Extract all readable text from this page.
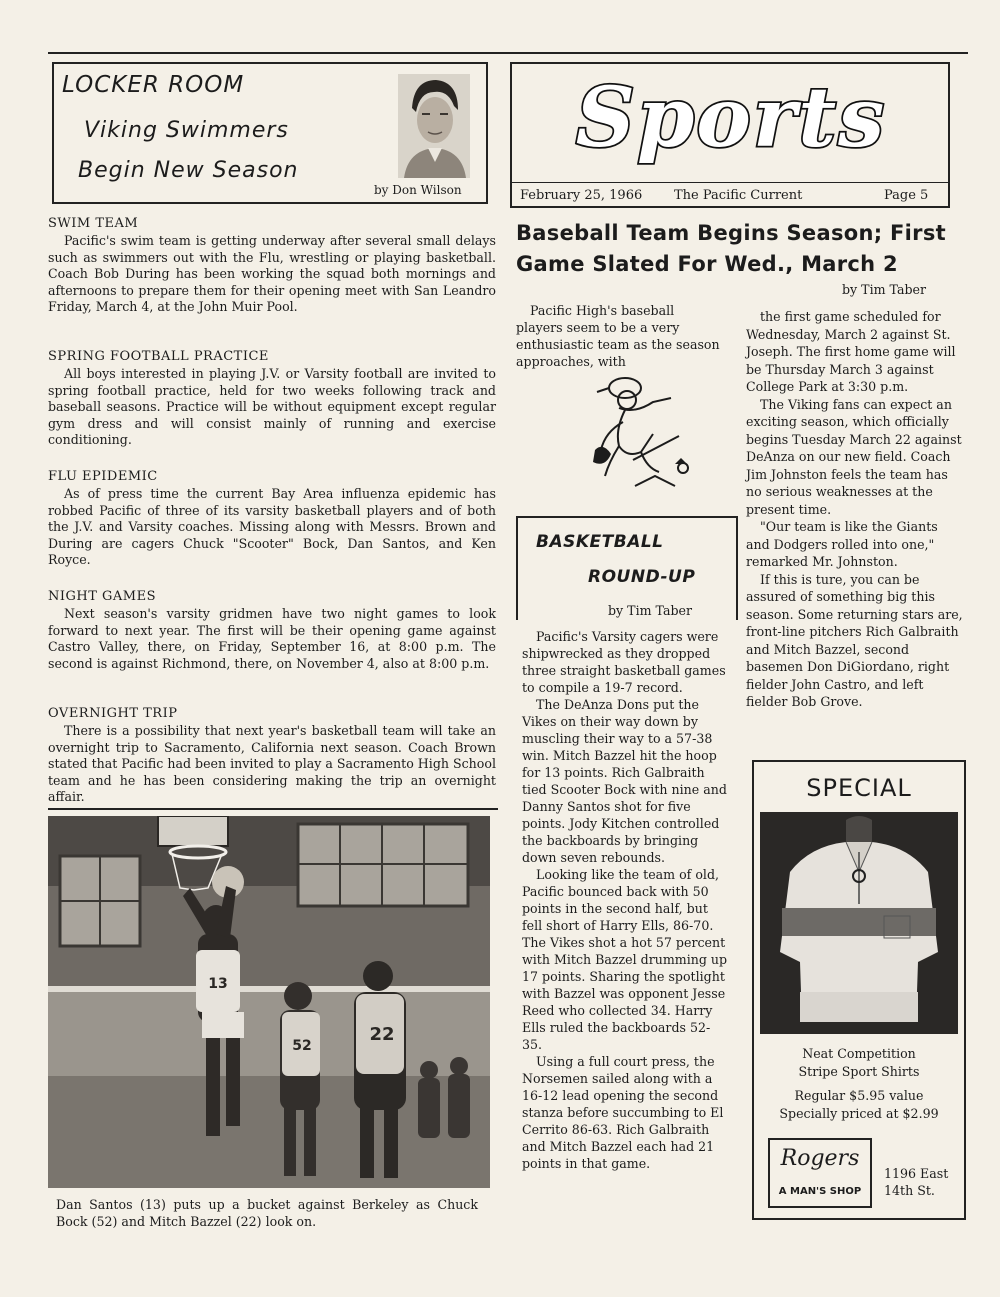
LOCKER ROOM
Viking Swimmers
Begin New Season
by Don Wilson
Sports
February 25, 1966 The Pacific Current	Page 5
SWIM TEAM

Pacific's swim team is getting underway after several small delays such as swimmers out with the Flu, wrestling or playing basketball. Coach Bob During has been working the squad both mornings and afternoons to prepare them for their opening meet with San Leandro Friday, March 4, at the John Muir Pool.

SPRING FOOTBALL PRACTICE

All boys interested in playing J.V. or Varsity football are invited to spring football practice, held for two weeks following track and baseball seasons. Practice will be without equipment except regular gym dress and will consist mainly of running and exercise conditioning.

FLU EPIDEMIC

As of press time the current Bay Area influenza epidemic has robbed Pacific of three of its varsity basketball players and of both the J.V. and Varsity coaches. Missing along with Messrs. Brown and During are cagers Chuck "Scooter" Bock, Dan Santos, and Ken Royce.

NIGHT GAMES

Next season's varsity gridmen have two night games to look forward to next year. The first will be their opening game against Castro Valley, there, on Friday, September 16, at 8:00 p.m. The second is against Richmond, there, on November 4, also at 8:00 p.m.

OVERNIGHT TRIP

There is a possibility that next year's basketball team will take an overnight trip to Sacramento, California next season. Coach Brown stated that Pacific had been invited to play a Sacramento High School team and he has been considering making the trip an overnight affair.

22
13
52
Dan Santos (13) puts up a bucket against Berkeley as Chuck Bock (52) and Mitch Bazzel (22) look on.
Baseball Team Begins Season; First
Game Slated For Wed., March 2
by Tim Taber

Pacific High's baseball players seem to be a very enthusiastic team as the season approaches, with

the first game scheduled for Wednesday, March 2 against St. Joseph. The first home game will be Thursday March 3 against College Park at 3:30 p.m.

The Viking fans can expect an exciting season, which officially begins Tuesday March 22 against DeAnza on our new field. Coach Jim Johnston feels the team has no serious weaknesses at the present time.

"Our team is like the Giants and Dodgers rolled into one," remarked Mr. Johnston.

If this is ture, you can be assured of something big this season. Some returning stars are, front-line pitchers Rich Galbraith and Mitch Bazzel, second basemen Don DiGiordano, right fielder John Castro, and left fielder Bob Grove.

BASKETBALL
ROUND-UP
by Tim Taber

Pacific's Varsity cagers were shipwrecked as they dropped three straight basketball games to compile a 19-7 record.

The DeAnza Dons put the Vikes on their way down by muscling their way to a 57-38 win. Mitch Bazzel hit the hoop for 13 points. Rich Galbraith tied Scooter Bock with nine and Danny Santos shot for five points. Jody Kitchen controlled the backboards by bringing down seven rebounds.

Looking like the team of old, Pacific bounced back with 50 points in the second half, but fell short of Harry Ells, 86-70. The Vikes shot a hot 57 percent with Mitch Bazzel drumming up 17 points. Sharing the spotlight with Bazzel was opponent Jesse Reed who collected 34. Harry Ells ruled the backboards 52-35.

Using a full court press, the Norsemen sailed along with a 16-12 lead opening the second stanza before succumbing to El Cerrito 86-63. Rich Galbraith and Mitch Bazzel each had 21 points in that game.

SPECIAL
Neat Competition
Stripe Sport Shirts
Regular $5.95 value
Specially priced at $2.99
Rogers
A MAN'S SHOP
1196 East
14th St.
